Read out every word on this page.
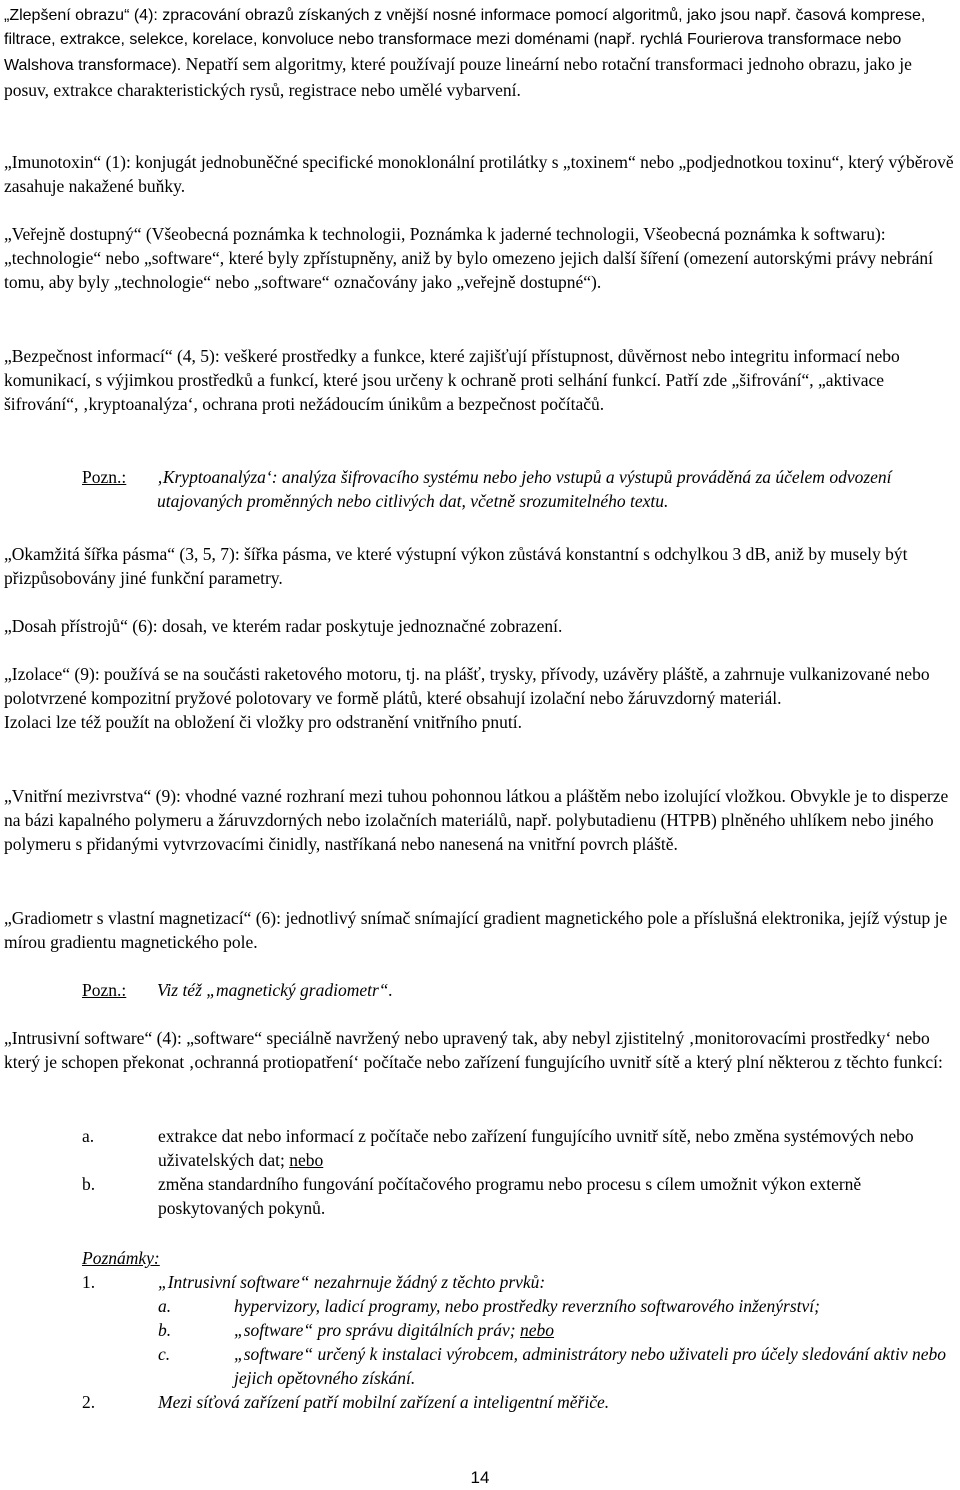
„Zlepšení obrazu“ (4): zpracování obrazů získaných z vnější nosné informace pomocí algoritmů, jako jsou např. časová komprese, filtrace, extrakce, selekce, korelace, konvoluce nebo transformace mezi doménami (např. rychlá Fourierova transformace nebo Walshova transformace). Nepatří sem algoritmy, které používají pouze lineární nebo rotační transformaci jednoho obrazu, jako je posuv, extrakce charakteristických rysů, registrace nebo umělé vybarvení.

„Imunotoxin“ (1): konjugát jednobuněčné specifické monoklonální protilátky s „toxinem“ nebo „podjednotkou toxinu“, který výběrově zasahuje nakažené buňky.

„Veřejně dostupný“ (Všeobecná poznámka k technologii, Poznámka k jaderné technologii, Všeobecná poznámka k softwaru): „technologie“ nebo „software“, které byly zpřístupněny, aniž by bylo omezeno jejich další šíření (omezení autorskými právy nebrání tomu, aby byly „technologie“ nebo „software“ označovány jako „veřejně dostupné“).

„Bezpečnost informací“ (4, 5): veškeré prostředky a funkce, které zajišťují přístupnost, důvěrnost nebo integritu informací nebo komunikací, s výjimkou prostředků a funkcí, které jsou určeny k ochraně proti selhání funkcí. Patří zde „šifrování“, „aktivace šifrování“, ‚kryptoanalýza‘, ochrana proti nežádoucím únikům a bezpečnost počítačů.

Pozn.: ‚Kryptoanalýza‘: analýza šifrovacího systému nebo jeho vstupů a výstupů prováděná za účelem odvození utajovaných proměnných nebo citlivých dat, včetně srozumitelného textu.

„Okamžitá šířka pásma“ (3, 5, 7): šířka pásma, ve které výstupní výkon zůstává konstantní s odchylkou 3 dB, aniž by musely být přizpůsobovány jiné funkční parametry.

„Dosah přístrojů“ (6): dosah, ve kterém radar poskytuje jednoznačné zobrazení.

„Izolace“ (9): používá se na součásti raketového motoru, tj. na plášť, trysky, přívody, uzávěry pláště, a zahrnuje vulkanizované nebo polotvrzené kompozitní pryžové polotovary ve formě plátů, které obsahují izolační nebo žáruvzdorný materiál.
Izolaci lze též použít na obložení či vložky pro odstranění vnitřního pnutí.

„Vnitřní mezivrstva“ (9): vhodné vazné rozhraní mezi tuhou pohonnou látkou a pláštěm nebo izolující vložkou. Obvykle je to disperze na bázi kapalného polymeru a žáruvzdorných nebo izolačních materiálů, např. polybutadienu (HTPB) plněného uhlíkem nebo jiného polymeru s přidanými vytvrzovacími činidly, nastříkaná nebo nanesená na vnitřní povrch pláště.

„Gradiometr s vlastní magnetizací“ (6): jednotlivý snímač snímající gradient magnetického pole a příslušná elektronika, jejíž výstup je mírou gradientu magnetického pole.

Pozn.: Viz též „magnetický gradiometr“.

„Intrusivní software“ (4): „software“ speciálně navržený nebo upravený tak, aby nebyl zjistitelný ‚monitorovacími prostředky‘ nebo který je schopen překonat ‚ochranná protiopatření‘ počítače nebo zařízení fungujícího uvnitř sítě a který plní některou z těchto funkcí:

a.	extrakce dat nebo informací z počítače nebo zařízení fungujícího uvnitř sítě, nebo změna systémových nebo uživatelských dat; nebo
b.	změna standardního fungování počítačového programu nebo procesu s cílem umožnit výkon externě poskytovaných pokynů.
Poznámky:
1.	„Intrusivní software“ nezahrnuje žádný z těchto prvků:
a.	hypervizory, ladicí programy, nebo prostředky reverzního softwarového inženýrství;
b.	„software“ pro správu digitálních práv; nebo
c.	„software“ určený k instalaci výrobcem, administrátory nebo uživateli pro účely sledování aktiv nebo jejich opětovného získání.
2.	Mezi síťová zařízení patří mobilní zařízení a inteligentní měřiče.
14
